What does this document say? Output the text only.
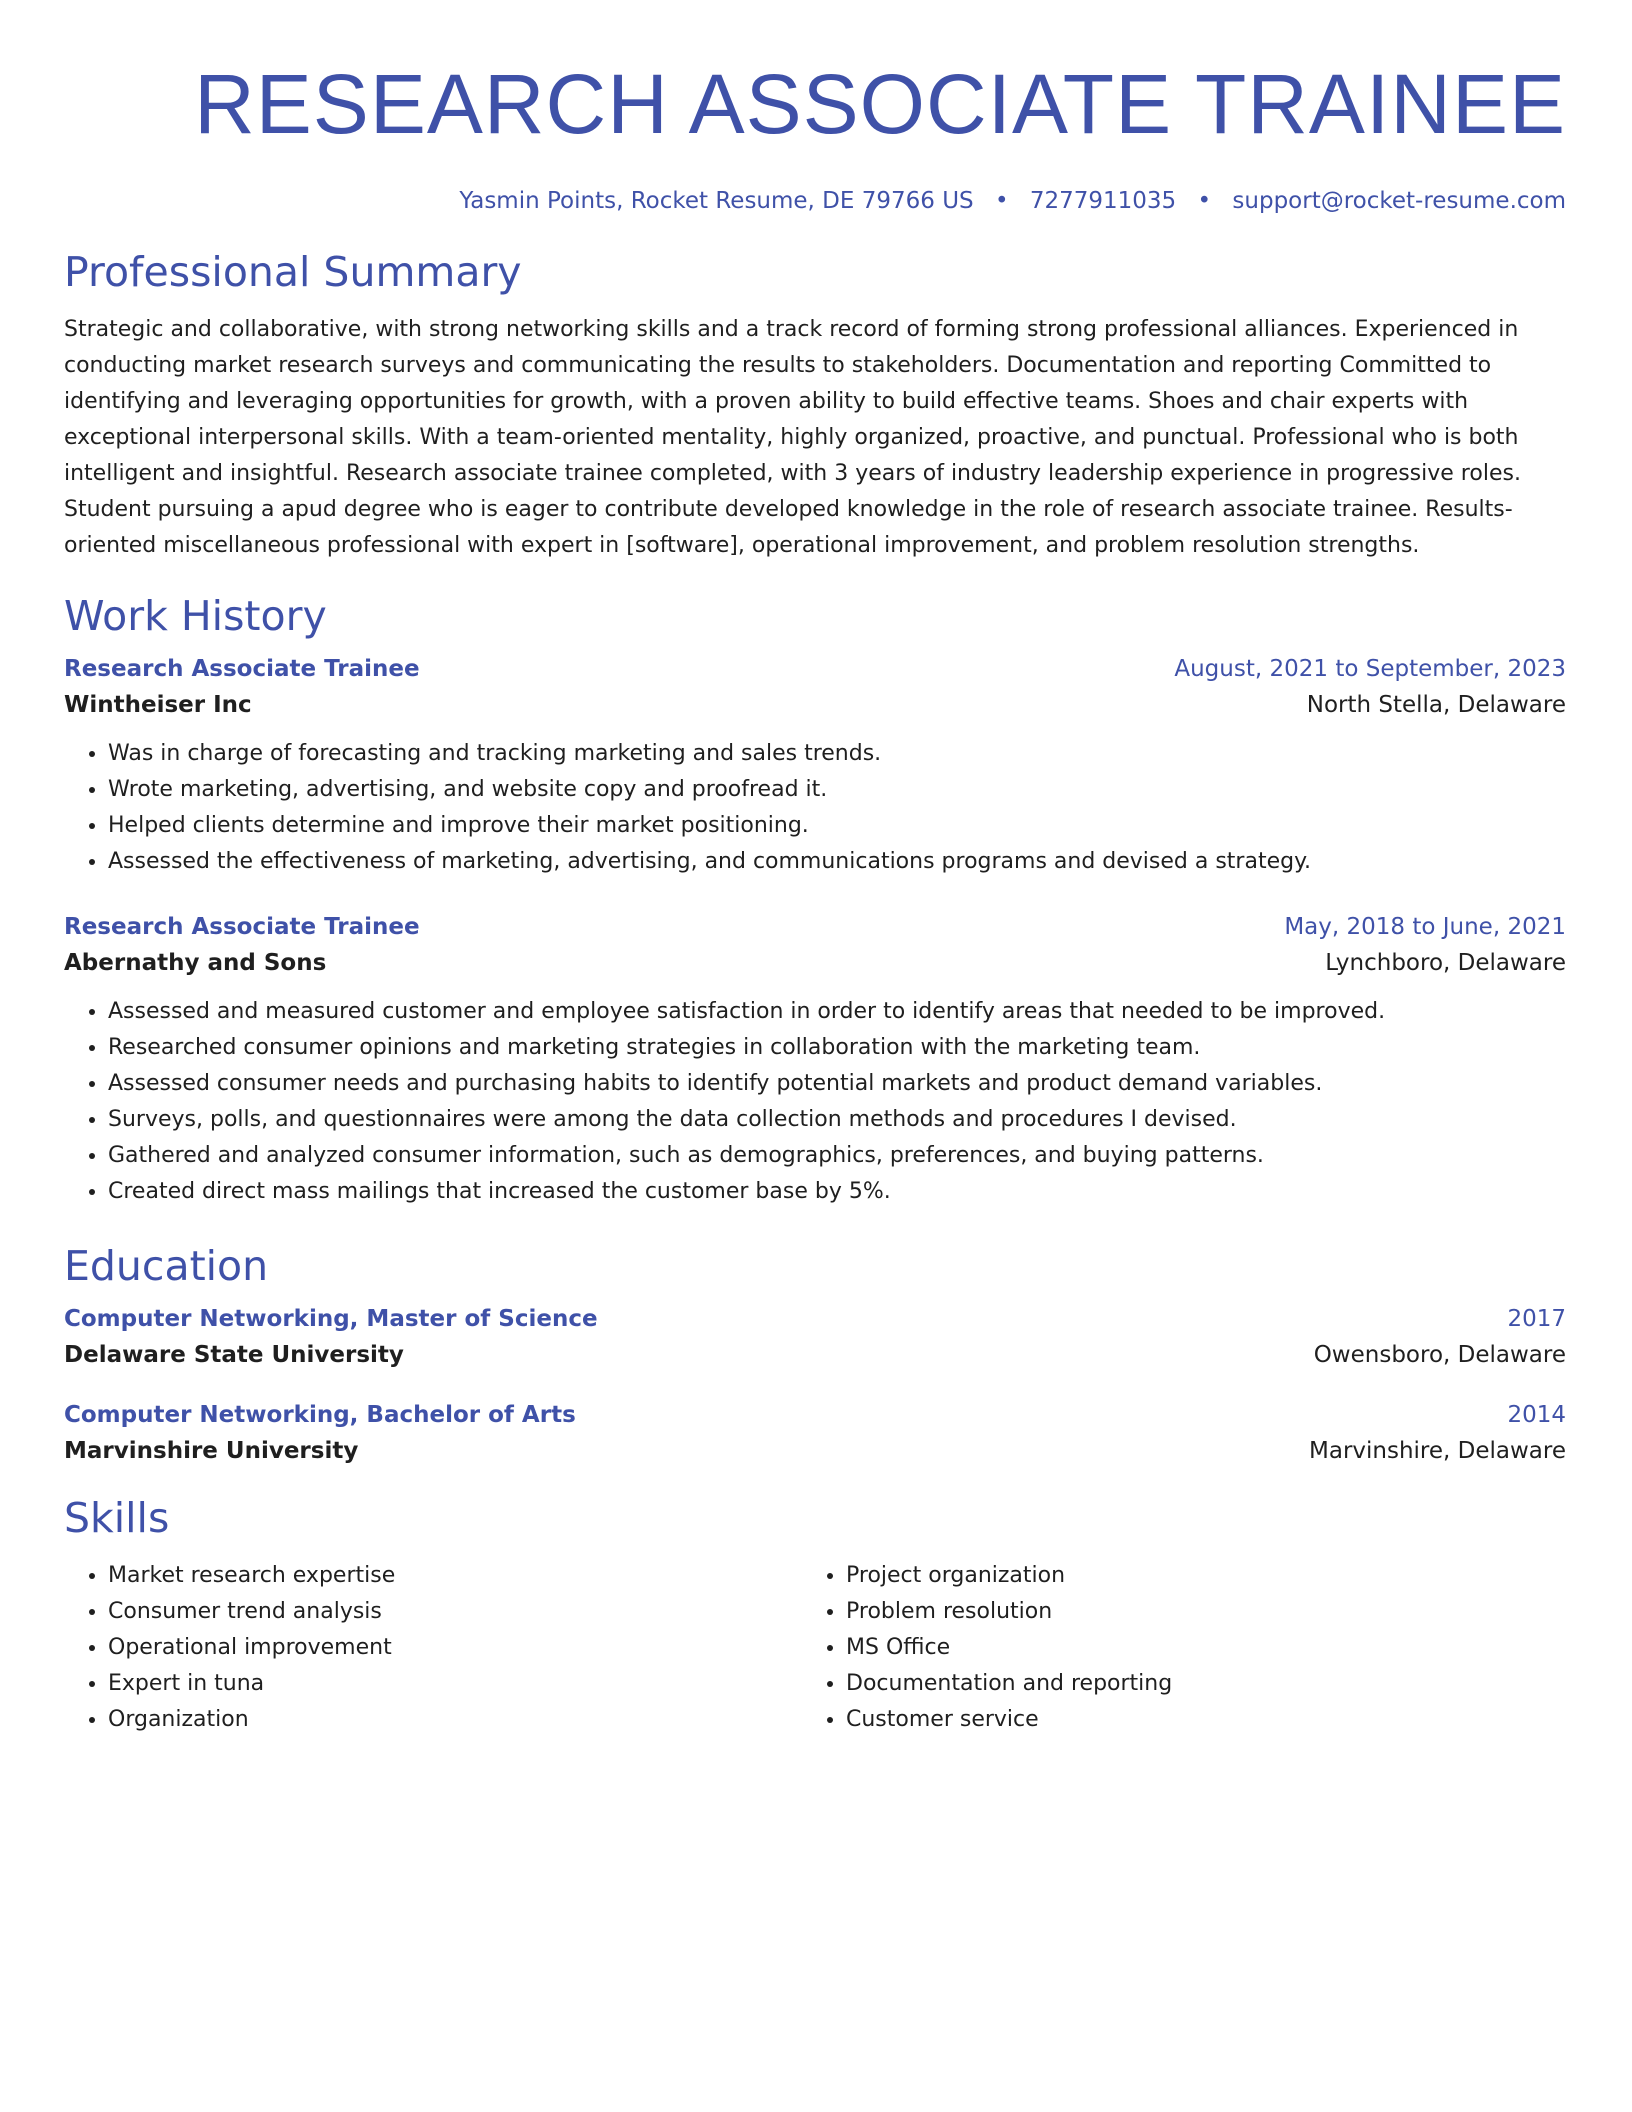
RESEARCH ASSOCIATE TRAINEE
Yasmin Points, Rocket Resume, DE 79766 US • 7277911035 • support@rocket-resume.com
Professional Summary
Strategic and collaborative, with strong networking skills and a track record of forming strong professional alliances. Experienced in conducting market research surveys and communicating the results to stakeholders. Documentation and reporting Committed to identifying and leveraging opportunities for growth, with a proven ability to build effective teams. Shoes and chair experts with exceptional interpersonal skills. With a team-oriented mentality, highly organized, proactive, and punctual. Professional who is both intelligent and insightful. Research associate trainee completed, with 3 years of industry leadership experience in progressive roles. Student pursuing a apud degree who is eager to contribute developed knowledge in the role of research associate trainee. Results-oriented miscellaneous professional with expert in [software], operational improvement, and problem resolution strengths.
Work History
Research Associate Trainee	August, 2021 to September, 2023
Wintheiser Inc	North Stella, Delaware
• Was in charge of forecasting and tracking marketing and sales trends.
• Wrote marketing, advertising, and website copy and proofread it.
• Helped clients determine and improve their market positioning.
• Assessed the effectiveness of marketing, advertising, and communications programs and devised a strategy.
Research Associate Trainee	May, 2018 to June, 2021
Abernathy and Sons	Lynchboro, Delaware
• Assessed and measured customer and employee satisfaction in order to identify areas that needed to be improved.
• Researched consumer opinions and marketing strategies in collaboration with the marketing team.
• Assessed consumer needs and purchasing habits to identify potential markets and product demand variables.
• Surveys, polls, and questionnaires were among the data collection methods and procedures I devised.
• Gathered and analyzed consumer information, such as demographics, preferences, and buying patterns.
• Created direct mass mailings that increased the customer base by 5%.
Education
Computer Networking, Master of Science	2017
Delaware State University	Owensboro, Delaware
Computer Networking, Bachelor of Arts	2014
Marvinshire University	Marvinshire, Delaware
Skills
• Market research expertise
• Consumer trend analysis
• Operational improvement
• Expert in tuna
• Organization
• Project organization
• Problem resolution
• MS Office
• Documentation and reporting
• Customer service
